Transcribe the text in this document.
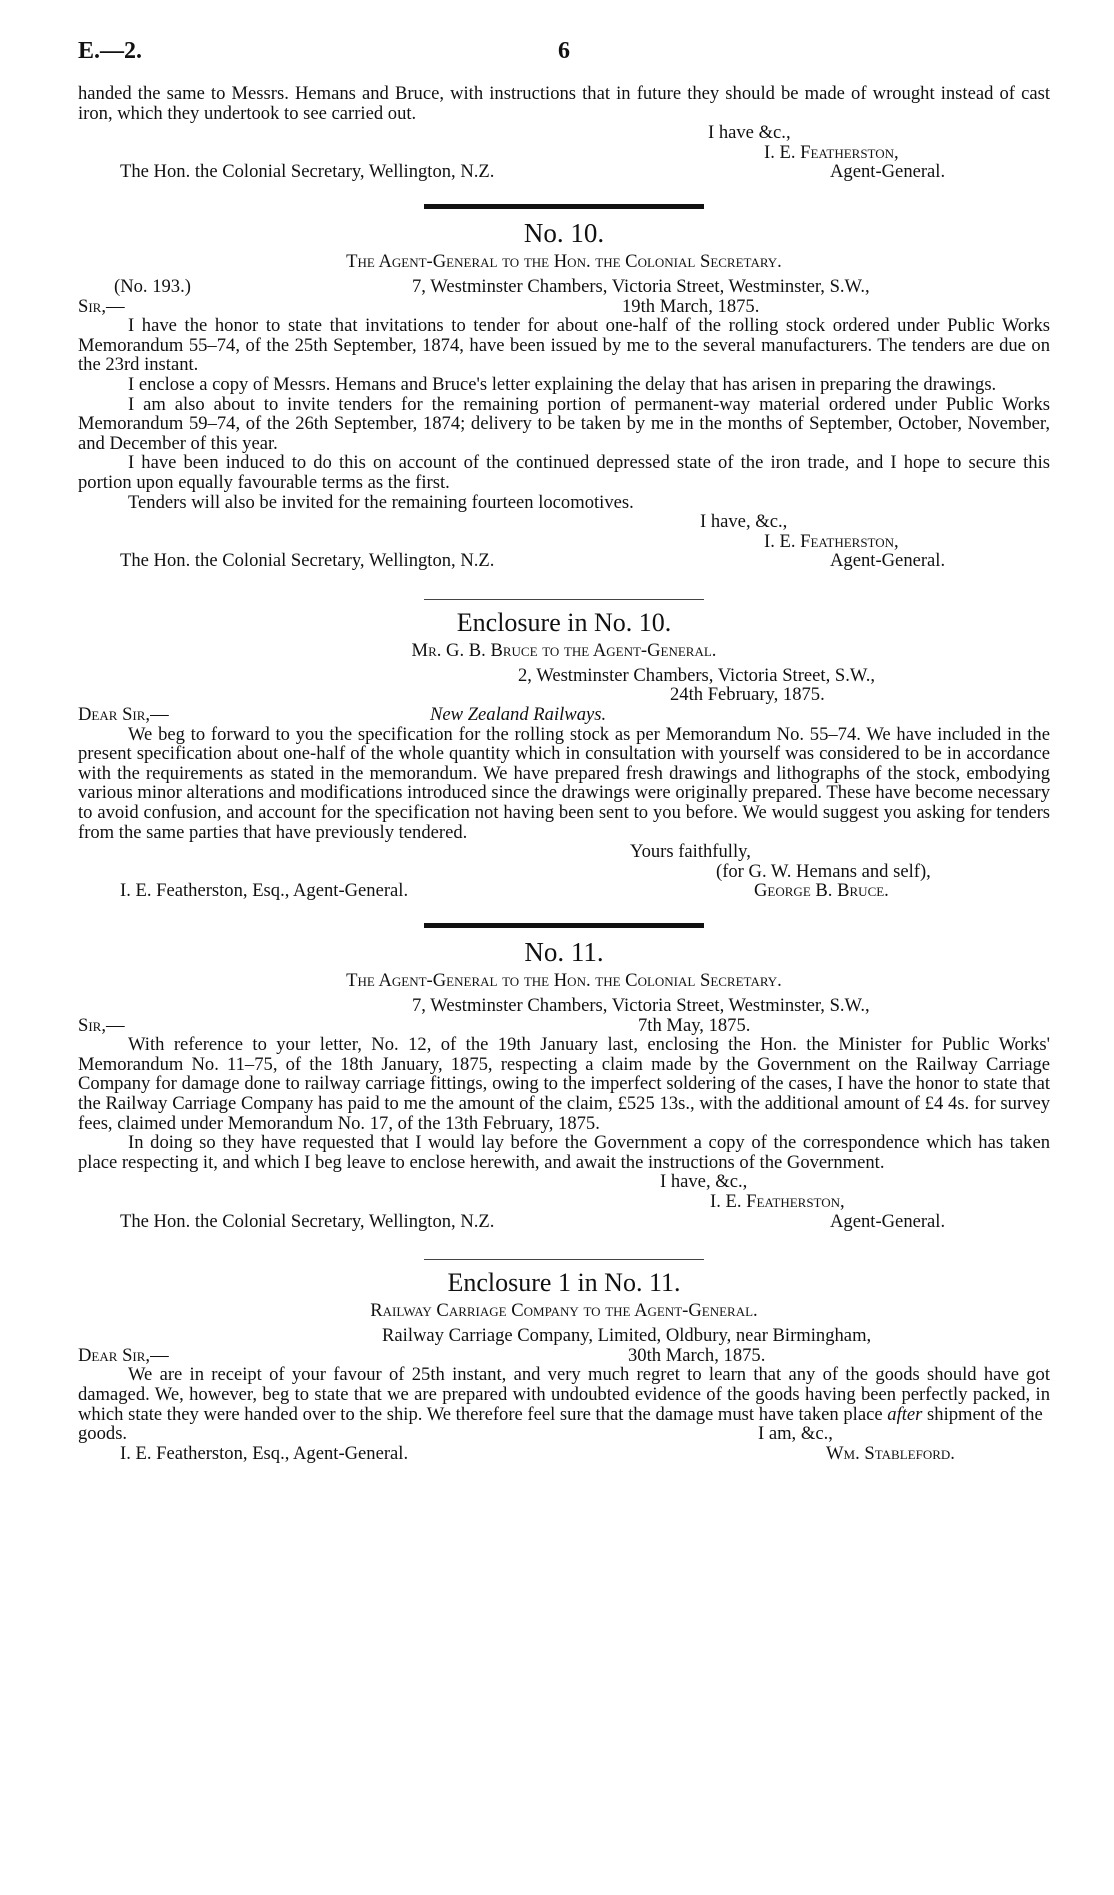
E.—2.	6

handed the same to Messrs. Hemans and Bruce, with instructions that in future they should be made of wrought instead of cast iron, which they undertook to see carried out.

I have &c.,
I. E. Featherston,
The Hon. the Colonial Secretary, Wellington, N.Z.	Agent-General.
No. 10.
The Agent-General to the Hon. the Colonial Secretary.
(No. 193.)	7, Westminster Chambers, Victoria Street, Westminster, S.W.,
Sir,—	19th March, 1875.

I have the honor to state that invitations to tender for about one-half of the rolling stock ordered under Public Works Memorandum 55–74, of the 25th September, 1874, have been issued by me to the several manufacturers. The tenders are due on the 23rd instant.

I enclose a copy of Messrs. Hemans and Bruce's letter explaining the delay that has arisen in preparing the drawings.

I am also about to invite tenders for the remaining portion of permanent-way material ordered under Public Works Memorandum 59–74, of the 26th September, 1874; delivery to be taken by me in the months of September, October, November, and December of this year.

I have been induced to do this on account of the continued depressed state of the iron trade, and I hope to secure this portion upon equally favourable terms as the first.

Tenders will also be invited for the remaining fourteen locomotives.

I have, &c.,
I. E. Featherston,
The Hon. the Colonial Secretary, Wellington, N.Z.	Agent-General.
Enclosure in No. 10.
Mr. G. B. Bruce to the Agent-General.
2, Westminster Chambers, Victoria Street, S.W.,
24th February, 1875.
Dear Sir,—	New Zealand Railways.

We beg to forward to you the specification for the rolling stock as per Memorandum No. 55–74. We have included in the present specification about one-half of the whole quantity which in consultation with yourself was considered to be in accordance with the requirements as stated in the memorandum. We have prepared fresh drawings and lithographs of the stock, embodying various minor alterations and modifications introduced since the drawings were originally prepared. These have become necessary to avoid confusion, and account for the specification not having been sent to you before. We would suggest you asking for tenders from the same parties that have previously tendered.

Yours faithfully,
(for G. W. Hemans and self),
I. E. Featherston, Esq., Agent-General.	George B. Bruce.
No. 11.
The Agent-General to the Hon. the Colonial Secretary.
7, Westminster Chambers, Victoria Street, Westminster, S.W.,
Sir,—	7th May, 1875.

With reference to your letter, No. 12, of the 19th January last, enclosing the Hon. the Minister for Public Works' Memorandum No. 11–75, of the 18th January, 1875, respecting a claim made by the Government on the Railway Carriage Company for damage done to railway carriage fittings, owing to the imperfect soldering of the cases, I have the honor to state that the Railway Carriage Company has paid to me the amount of the claim, £525 13s., with the additional amount of £4 4s. for survey fees, claimed under Memorandum No. 17, of the 13th February, 1875.

In doing so they have requested that I would lay before the Government a copy of the correspondence which has taken place respecting it, and which I beg leave to enclose herewith, and await the instructions of the Government.

I have, &c.,
I. E. Featherston,
The Hon. the Colonial Secretary, Wellington, N.Z.	Agent-General.
Enclosure 1 in No. 11.
Railway Carriage Company to the Agent-General.
Railway Carriage Company, Limited, Oldbury, near Birmingham,
Dear Sir,—	30th March, 1875.

We are in receipt of your favour of 25th instant, and very much regret to learn that any of the goods should have got damaged. We, however, beg to state that we are prepared with undoubted evidence of the goods having been perfectly packed, in which state they were handed over to the ship. We therefore feel sure that the damage must have taken place after shipment of the

goods.	I am, &c.,
I. E. Featherston, Esq., Agent-General.	Wm. Stableford.
